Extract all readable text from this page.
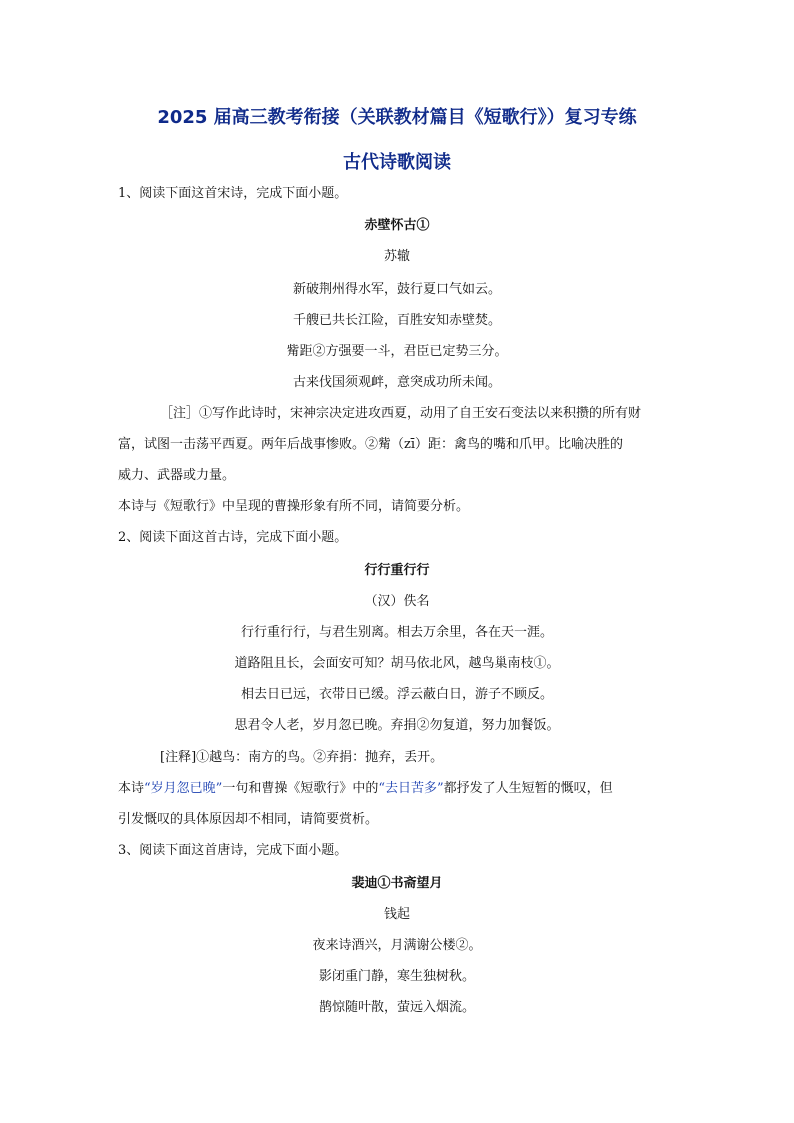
2025 届高三教考衔接（关联教材篇目《短歌行》）复习专练
古代诗歌阅读
1、阅读下面这首宋诗，完成下面小题。
赤壁怀古①
苏辙
新破荆州得水军，鼓行夏口气如云。
千艘已共长江险，百胜安知赤壁焚。
觜距②方强要一斗，君臣已定势三分。
古来伐国须观衅，意突成功所未闻。
［注］①写作此诗时，宋神宗决定进攻西夏，动用了自王安石变法以来积攒的所有财
富，试图一击荡平西夏。两年后战事惨败。②觜（zī）距：禽鸟的嘴和爪甲。比喻决胜的
威力、武器或力量。
本诗与《短歌行》中呈现的曹操形象有所不同，请简要分析。
2、阅读下面这首古诗，完成下面小题。
行行重行行
（汉）佚名
行行重行行，与君生别离。相去万余里，各在天一涯。
道路阻且长，会面安可知？胡马依北风，越鸟巢南枝①。
相去日已远，衣带日已缓。浮云蔽白日，游子不顾反。
思君令人老，岁月忽已晚。弃捐②勿复道，努力加餐饭。
[注释]①越鸟：南方的鸟。②弃捐：抛弃，丢开。
本诗“岁月忽已晚”一句和曹操《短歌行》中的“去日苦多”都抒发了人生短暂的慨叹，但
引发慨叹的具体原因却不相同，请简要赏析。
3、阅读下面这首唐诗，完成下面小题。
裴迪①书斋望月
钱起
夜来诗酒兴，月满谢公楼②。
影闭重门静，寒生独树秋。
鹊惊随叶散，萤远入烟流。
